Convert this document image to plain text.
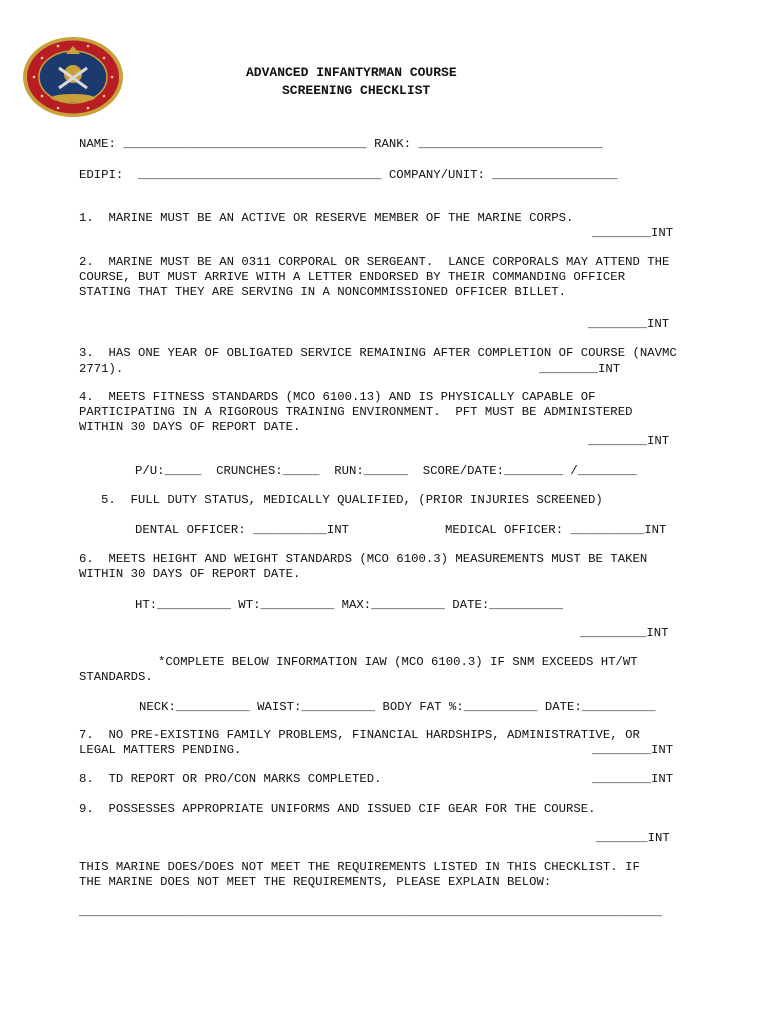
ADVANCED INFANTYRMAN COURSE
SCREENING CHECKLIST
NAME: _________________________________ RANK: _________________________
EDIPI:  _________________________________ COMPANY/UNIT: _________________
1.  MARINE MUST BE AN ACTIVE OR RESERVE MEMBER OF THE MARINE CORPS.
________INT
2.  MARINE MUST BE AN 0311 CORPORAL OR SERGEANT.  LANCE CORPORALS MAY ATTEND THE
COURSE, BUT MUST ARRIVE WITH A LETTER ENDORSED BY THEIR COMMANDING OFFICER
STATING THAT THEY ARE SERVING IN A NONCOMMISSIONED OFFICER BILLET.
________INT
3.  HAS ONE YEAR OF OBLIGATED SERVICE REMAINING AFTER COMPLETION OF COURSE (NAVMC
2771).	________INT
4.  MEETS FITNESS STANDARDS (MCO 6100.13) AND IS PHYSICALLY CAPABLE OF
PARTICIPATING IN A RIGOROUS TRAINING ENVIRONMENT.  PFT MUST BE ADMINISTERED
WITHIN 30 DAYS OF REPORT DATE.
________INT
P/U:_____  CRUNCHES:_____  RUN:______  SCORE/DATE:________ /________
5.  FULL DUTY STATUS, MEDICALLY QUALIFIED, (PRIOR INJURIES SCREENED)
DENTAL OFFICER: __________INT	MEDICAL OFFICER: __________INT
6.  MEETS HEIGHT AND WEIGHT STANDARDS (MCO 6100.3) MEASUREMENTS MUST BE TAKEN
WITHIN 30 DAYS OF REPORT DATE.
HT:__________ WT:__________ MAX:__________ DATE:__________
_________INT
*COMPLETE BELOW INFORMATION IAW (MCO 6100.3) IF SNM EXCEEDS HT/WT
STANDARDS.
NECK:__________ WAIST:__________ BODY FAT %:__________ DATE:__________
7.  NO PRE-EXISTING FAMILY PROBLEMS, FINANCIAL HARDSHIPS, ADMINISTRATIVE, OR
LEGAL MATTERS PENDING.	________INT
8.  TD REPORT OR PRO/CON MARKS COMPLETED.	________INT
9.  POSSESSES APPROPRIATE UNIFORMS AND ISSUED CIF GEAR FOR THE COURSE.
_______INT
THIS MARINE DOES/DOES NOT MEET THE REQUIREMENTS LISTED IN THIS CHECKLIST. IF
THE MARINE DOES NOT MEET THE REQUIREMENTS, PLEASE EXPLAIN BELOW:
_______________________________________________________________________________
